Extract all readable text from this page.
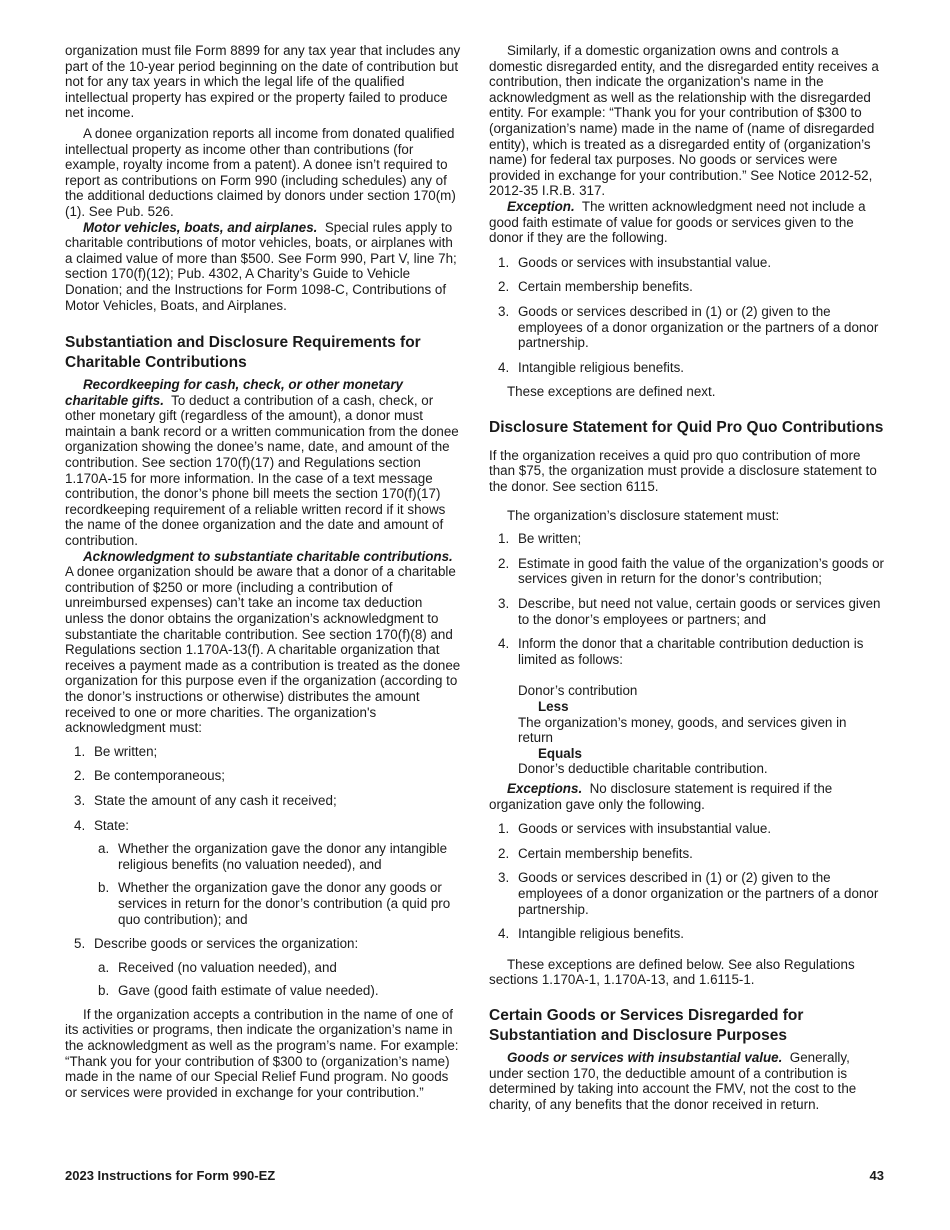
organization must file Form 8899 for any tax year that includes any part of the 10-year period beginning on the date of contribution but not for any tax years in which the legal life of the qualified intellectual property has expired or the property failed to produce net income.

A donee organization reports all income from donated qualified intellectual property as income other than contributions (for example, royalty income from a patent). A donee isn’t required to report as contributions on Form 990 (including schedules) any of the additional deductions claimed by donors under section 170(m)(1). See Pub. 526.

Motor vehicles, boats, and airplanes. Special rules apply to charitable contributions of motor vehicles, boats, or airplanes with a claimed value of more than $500. See Form 990, Part V, line 7h; section 170(f)(12); Pub. 4302, A Charity’s Guide to Vehicle Donation; and the Instructions for Form 1098-C, Contributions of Motor Vehicles, Boats, and Airplanes.

Substantiation and Disclosure Requirements for Charitable Contributions

Recordkeeping for cash, check, or other monetary charitable gifts. To deduct a contribution of a cash, check, or other monetary gift (regardless of the amount), a donor must maintain a bank record or a written communication from the donee organization showing the donee’s name, date, and amount of the contribution. See section 170(f)(17) and Regulations section 1.170A-15 for more information. In the case of a text message contribution, the donor’s phone bill meets the section 170(f)(17) recordkeeping requirement of a reliable written record if it shows the name of the donee organization and the date and amount of contribution.

Acknowledgment to substantiate charitable contributions.  A donee organization should be aware that a donor of a charitable contribution of $250 or more (including a contribution of unreimbursed expenses) can’t take an income tax deduction unless the donor obtains the organization’s acknowledgment to substantiate the charitable contribution. See section 170(f)(8) and Regulations section 1.170A-13(f). A charitable organization that receives a payment made as a contribution is treated as the donee organization for this purpose even if the organization (according to the donor’s instructions or otherwise) distributes the amount received to one or more charities. The organization's acknowledgment must:

1. Be written;
2. Be contemporaneous;
3. State the amount of any cash it received;
4. State:
a. Whether the organization gave the donor any intangible religious benefits (no valuation needed), and
b. Whether the organization gave the donor any goods or services in return for the donor’s contribution (a quid pro quo contribution); and
5. Describe goods or services the organization:
a. Received (no valuation needed), and
b. Gave (good faith estimate of value needed).

If the organization accepts a contribution in the name of one of its activities or programs, then indicate the organization’s name in the acknowledgment as well as the program’s name. For example: “Thank you for your contribution of $300 to (organization’s name) made in the name of our Special Relief Fund program. No goods or services were provided in exchange for your contribution.”

Similarly, if a domestic organization owns and controls a domestic disregarded entity, and the disregarded entity receives a contribution, then indicate the organization's name in the acknowledgment as well as the relationship with the disregarded entity. For example: “Thank you for your contribution of $300 to (organization’s name) made in the name of (name of disregarded entity), which is treated as a disregarded entity of (organization’s name) for federal tax purposes. No goods or services were provided in exchange for your contribution.” See Notice 2012-52, 2012-35 I.R.B. 317.

Exception. The written acknowledgment need not include a good faith estimate of value for goods or services given to the donor if they are the following.

1. Goods or services with insubstantial value.
2. Certain membership benefits.
3. Goods or services described in (1) or (2) given to the employees of a donor organization or the partners of a donor partnership.
4. Intangible religious benefits.

These exceptions are defined next.

Disclosure Statement for Quid Pro Quo Contributions

If the organization receives a quid pro quo contribution of more than $75, the organization must provide a disclosure statement to the donor. See section 6115.

The organization’s disclosure statement must:

1. Be written;
2. Estimate in good faith the value of the organization’s goods or services given in return for the donor’s contribution;
3. Describe, but need not value, certain goods or services given to the donor’s employees or partners; and
4. Inform the donor that a charitable contribution deduction is limited as follows:
Donor’s contribution
Less
The organization’s money, goods, and services given in return
Equals
Donor’s deductible charitable contribution.

Exceptions. No disclosure statement is required if the organization gave only the following.

1. Goods or services with insubstantial value.
2. Certain membership benefits.
3. Goods or services described in (1) or (2) given to the employees of a donor organization or the partners of a donor partnership.
4. Intangible religious benefits.

These exceptions are defined below. See also Regulations sections 1.170A-1, 1.170A-13, and 1.6115-1.

Certain Goods or Services Disregarded for Substantiation and Disclosure Purposes

Goods or services with insubstantial value. Generally, under section 170, the deductible amount of a contribution is determined by taking into account the FMV, not the cost to the charity, of any benefits that the donor received in return.

2023 Instructions for Form 990-EZ	43
